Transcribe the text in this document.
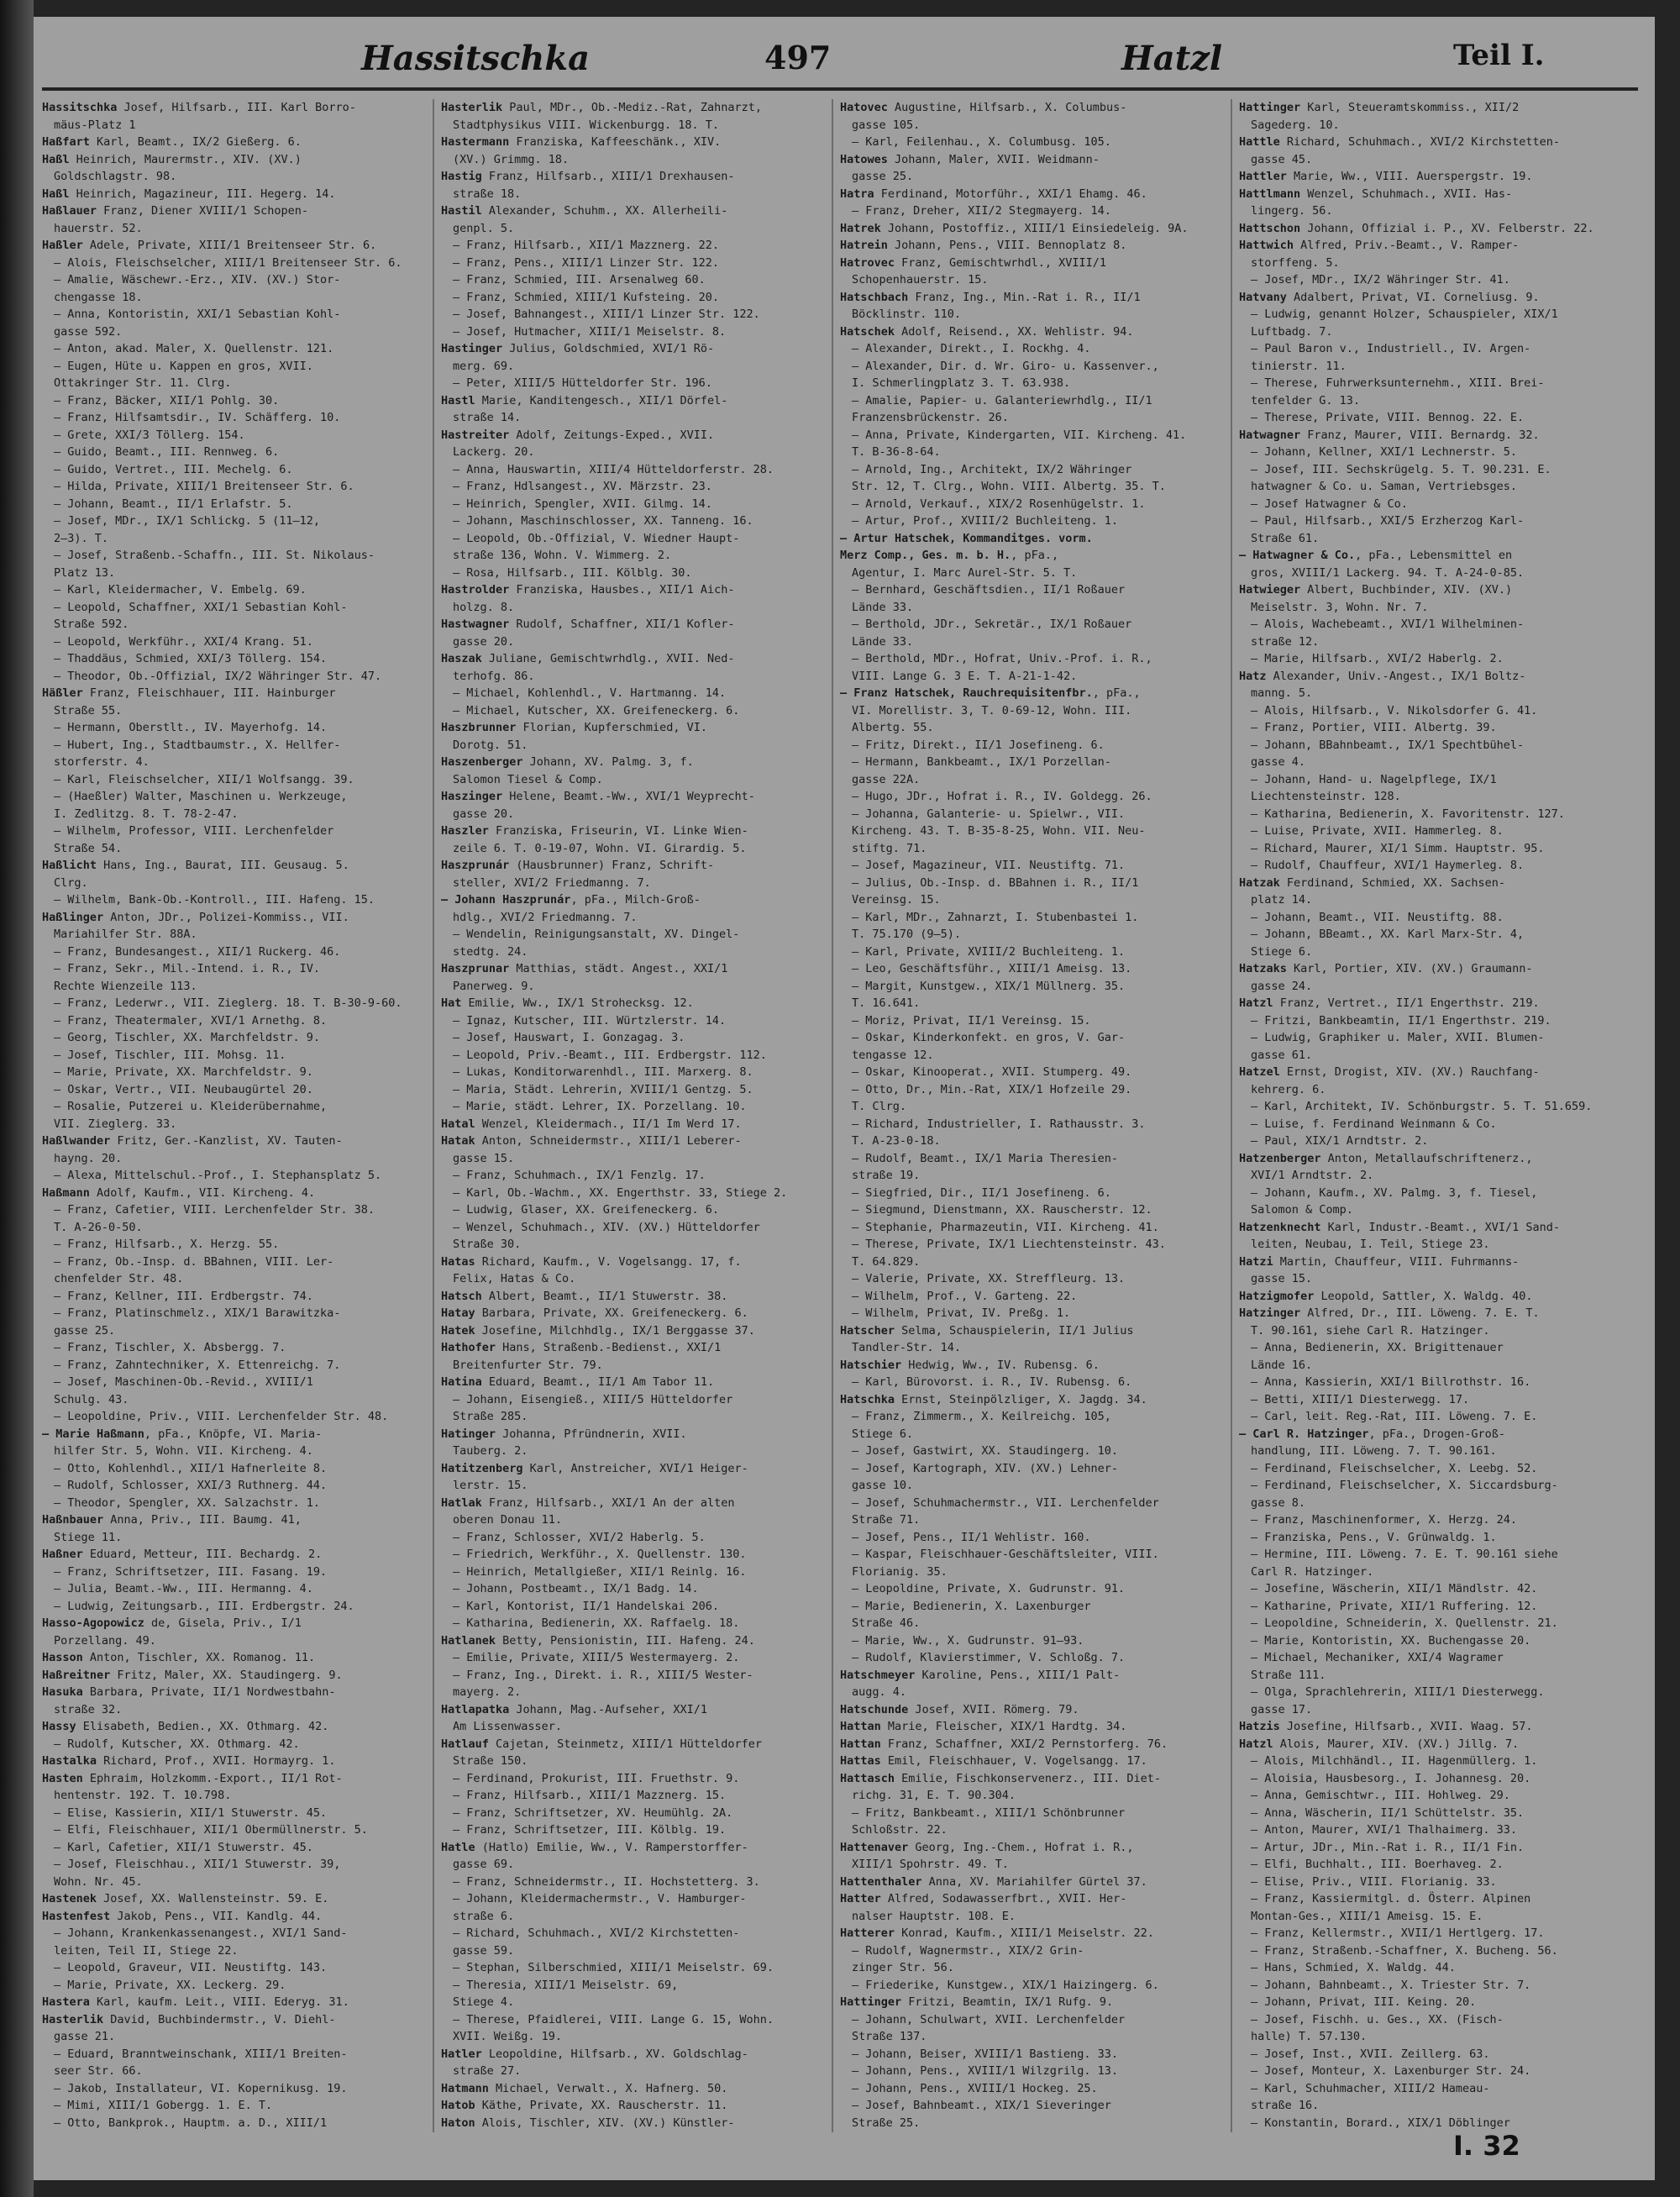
Hassitschka	497	Hatzl	Teil I.
Hassitschka Josef, Hilfsarb., III. Karl Borro-
mäus-Platz 1
Haßfart Karl, Beamt., IX/2 Gießerg. 6.
Haßl Heinrich, Maurermstr., XIV. (XV.)
Goldschlagstr. 98.
Haßl Heinrich, Magazineur, III. Hegerg. 14.
Haßlauer Franz, Diener XVIII/1 Schopen-
hauerstr. 52.
Haßler Adele, Private, XIII/1 Breitenseer Str. 6.
— Alois, Fleischselcher, XIII/1 Breitenseer Str. 6.
— Amalie, Wäschewr.-Erz., XIV. (XV.) Stor-
chengasse 18.
— Anna, Kontoristin, XXI/1 Sebastian Kohl-
gasse 592.
— Anton, akad. Maler, X. Quellenstr. 121.
— Eugen, Hüte u. Kappen en gros, XVII.
Ottakringer Str. 11. Clrg.
— Franz, Bäcker, XII/1 Pohlg. 30.
— Franz, Hilfsamtsdir., IV. Schäfferg. 10.
— Grete, XXI/3 Töllerg. 154.
— Guido, Beamt., III. Rennweg. 6.
— Guido, Vertret., III. Mechelg. 6.
— Hilda, Private, XIII/1 Breitenseer Str. 6.
— Johann, Beamt., II/1 Erlafstr. 5.
— Josef, MDr., IX/1 Schlickg. 5 (11—12,
2—3). T.
— Josef, Straßenb.-Schaffn., III. St. Nikolaus-
Platz 13.
— Karl, Kleidermacher, V. Embelg. 69.
— Leopold, Schaffner, XXI/1 Sebastian Kohl-
Straße 592.
— Leopold, Werkführ., XXI/4 Krang. 51.
— Thaddäus, Schmied, XXI/3 Töllerg. 154.
— Theodor, Ob.-Offizial, IX/2 Währinger Str. 47.
Häßler Franz, Fleischhauer, III. Hainburger
Straße 55.
— Hermann, Oberstlt., IV. Mayerhofg. 14.
— Hubert, Ing., Stadtbaumstr., X. Hellfer-
storferstr. 4.
— Karl, Fleischselcher, XII/1 Wolfsangg. 39.
— (Haeßler) Walter, Maschinen u. Werkzeuge,
I. Zedlitzg. 8. T. 78-2-47.
— Wilhelm, Professor, VIII. Lerchenfelder
Straße 54.
Haßlicht Hans, Ing., Baurat, III. Geusaug. 5.
Clrg.
— Wilhelm, Bank-Ob.-Kontroll., III. Hafeng. 15.
Haßlinger Anton, JDr., Polizei-Kommiss., VII.
Mariahilfer Str. 88A.
— Franz, Bundesangest., XII/1 Ruckerg. 46.
— Franz, Sekr., Mil.-Intend. i. R., IV.
Rechte Wienzeile 113.
— Franz, Lederwr., VII. Zieglerg. 18. T. B-30-9-60.
— Franz, Theatermaler, XVI/1 Arnethg. 8.
— Georg, Tischler, XX. Marchfeldstr. 9.
— Josef, Tischler, III. Mohsg. 11.
— Marie, Private, XX. Marchfeldstr. 9.
— Oskar, Vertr., VII. Neubaugürtel 20.
— Rosalie, Putzerei u. Kleiderübernahme,
VII. Zieglerg. 33.
Haßlwander Fritz, Ger.-Kanzlist, XV. Tauten-
hayng. 20.
— Alexa, Mittelschul.-Prof., I. Stephansplatz 5.
Haßmann Adolf, Kaufm., VII. Kircheng. 4.
— Franz, Cafetier, VIII. Lerchenfelder Str. 38.
T. A-26-0-50.
— Franz, Hilfsarb., X. Herzg. 55.
— Franz, Ob.-Insp. d. BBahnen, VIII. Ler-
chenfelder Str. 48.
— Franz, Kellner, III. Erdbergstr. 74.
— Franz, Platinschmelz., XIX/1 Barawitzka-
gasse 25.
— Franz, Tischler, X. Absbergg. 7.
— Franz, Zahntechniker, X. Ettenreichg. 7.
— Josef, Maschinen-Ob.-Revid., XVIII/1
Schulg. 43.
— Leopoldine, Priv., VIII. Lerchenfelder Str. 48.
— Marie Haßmann, pFa., Knöpfe, VI. Maria-
hilfer Str. 5, Wohn. VII. Kircheng. 4.
— Otto, Kohlenhdl., XII/1 Hafnerleite 8.
— Rudolf, Schlosser, XXI/3 Ruthnerg. 44.
— Theodor, Spengler, XX. Salzachstr. 1.
Haßnbauer Anna, Priv., III. Baumg. 41,
Stiege 11.
Haßner Eduard, Metteur, III. Bechardg. 2.
— Franz, Schriftsetzer, III. Fasang. 19.
— Julia, Beamt.-Ww., III. Hermanng. 4.
— Ludwig, Zeitungsarb., III. Erdbergstr. 24.
Hasso-Agopowicz de, Gisela, Priv., I/1
Porzellang. 49.
Hasson Anton, Tischler, XX. Romanog. 11.
Haßreitner Fritz, Maler, XX. Staudingerg. 9.
Hasuka Barbara, Private, II/1 Nordwestbahn-
straße 32.
Hassy Elisabeth, Bedien., XX. Othmarg. 42.
— Rudolf, Kutscher, XX. Othmarg. 42.
Hastalka Richard, Prof., XVII. Hormayrg. 1.
Hasten Ephraim, Holzkomm.-Export., II/1 Rot-
hentenstr. 192. T. 10.798.
— Elise, Kassierin, XII/1 Stuwerstr. 45.
— Elfi, Fleischhauer, XII/1 Obermüllnerstr. 5.
— Karl, Cafetier, XII/1 Stuwerstr. 45.
— Josef, Fleischhau., XII/1 Stuwerstr. 39,
Wohn. Nr. 45.
Hastenek Josef, XX. Wallensteinstr. 59. E.
Hastenfest Jakob, Pens., VII. Kandlg. 44.
— Johann, Krankenkassenangest., XVI/1 Sand-
leiten, Teil II, Stiege 22.
— Leopold, Graveur, VII. Neustiftg. 143.
— Marie, Private, XX. Leckerg. 29.
Hastera Karl, kaufm. Leit., VIII. Ederyg. 31.
Hasterlik David, Buchbindermstr., V. Diehl-
gasse 21.
— Eduard, Branntweinschank, XIII/1 Breiten-
seer Str. 66.
— Jakob, Installateur, VI. Kopernikusg. 19.
— Mimi, XIII/1 Gobergg. 1. E. T.
— Otto, Bankprok., Hauptm. a. D., XIII/1
Hasterlik Paul, MDr., Ob.-Mediz.-Rat, Zahnarzt,
Stadtphysikus VIII. Wickenburgg. 18. T.
Hastermann Franziska, Kaffeeschänk., XIV.
(XV.) Grimmg. 18.
Hastig Franz, Hilfsarb., XIII/1 Drexhausen-
straße 18.
Hastil Alexander, Schuhm., XX. Allerheili-
genpl. 5.
— Franz, Hilfsarb., XII/1 Mazznerg. 22.
— Franz, Pens., XIII/1 Linzer Str. 122.
— Franz, Schmied, III. Arsenalweg 60.
— Franz, Schmied, XIII/1 Kufsteing. 20.
— Josef, Bahnangest., XIII/1 Linzer Str. 122.
— Josef, Hutmacher, XIII/1 Meiselstr. 8.
Hastinger Julius, Goldschmied, XVI/1 Rö-
merg. 69.
— Peter, XIII/5 Hütteldorfer Str. 196.
Hastl Marie, Kanditengesch., XII/1 Dörfel-
straße 14.
Hastreiter Adolf, Zeitungs-Exped., XVII.
Lackerg. 20.
— Anna, Hauswartin, XIII/4 Hütteldorferstr. 28.
— Franz, Hdlsangest., XV. Märzstr. 23.
— Heinrich, Spengler, XVII. Gilmg. 14.
— Johann, Maschinschlosser, XX. Tanneng. 16.
— Leopold, Ob.-Offizial, V. Wiedner Haupt-
straße 136, Wohn. V. Wimmerg. 2.
— Rosa, Hilfsarb., III. Kölblg. 30.
Hastrolder Franziska, Hausbes., XII/1 Aich-
holzg. 8.
Hastwagner Rudolf, Schaffner, XII/1 Kofler-
gasse 20.
Haszak Juliane, Gemischtwrhdlg., XVII. Ned-
terhofg. 86.
— Michael, Kohlenhdl., V. Hartmanng. 14.
— Michael, Kutscher, XX. Greifeneckerg. 6.
Haszbrunner Florian, Kupferschmied, VI.
Dorotg. 51.
Haszenberger Johann, XV. Palmg. 3, f.
Salomon Tiesel & Comp.
Haszinger Helene, Beamt.-Ww., XVI/1 Weyprecht-
gasse 20.
Haszler Franziska, Friseurin, VI. Linke Wien-
zeile 6. T. 0-19-07, Wohn. VI. Girardig. 5.
Haszprunár (Hausbrunner) Franz, Schrift-
steller, XVI/2 Friedmanng. 7.
— Johann Haszprunár, pFa., Milch-Groß-
hdlg., XVI/2 Friedmanng. 7.
— Wendelin, Reinigungsanstalt, XV. Dingel-
stedtg. 24.
Haszprunar Matthias, städt. Angest., XXI/1
Panerweg. 9.
Hat Emilie, Ww., IX/1 Strohecksg. 12.
— Ignaz, Kutscher, III. Würtzlerstr. 14.
— Josef, Hauswart, I. Gonzagag. 3.
— Leopold, Priv.-Beamt., III. Erdbergstr. 112.
— Lukas, Konditorwarenhdl., III. Marxerg. 8.
— Maria, Städt. Lehrerin, XVIII/1 Gentzg. 5.
— Marie, städt. Lehrer, IX. Porzellang. 10.
Hatal Wenzel, Kleidermach., II/1 Im Werd 17.
Hatak Anton, Schneidermstr., XIII/1 Leberer-
gasse 15.
— Franz, Schuhmach., IX/1 Fenzlg. 17.
— Karl, Ob.-Wachm., XX. Engerthstr. 33, Stiege 2.
— Ludwig, Glaser, XX. Greifeneckerg. 6.
— Wenzel, Schuhmach., XIV. (XV.) Hütteldorfer
Straße 30.
Hatas Richard, Kaufm., V. Vogelsangg. 17, f.
Felix, Hatas & Co.
Hatsch Albert, Beamt., II/1 Stuwerstr. 38.
Hatay Barbara, Private, XX. Greifeneckerg. 6.
Hatek Josefine, Milchhdlg., IX/1 Berggasse 37.
Hathofer Hans, Straßenb.-Bedienst., XXI/1
Breitenfurter Str. 79.
Hatina Eduard, Beamt., II/1 Am Tabor 11.
— Johann, Eisengieß., XIII/5 Hütteldorfer
Straße 285.
Hatinger Johanna, Pfründnerin, XVII.
Tauberg. 2.
Hatitzenberg Karl, Anstreicher, XVI/1 Heiger-
lerstr. 15.
Hatlak Franz, Hilfsarb., XXI/1 An der alten
oberen Donau 11.
— Franz, Schlosser, XVI/2 Haberlg. 5.
— Friedrich, Werkführ., X. Quellenstr. 130.
— Heinrich, Metallgießer, XII/1 Reinlg. 16.
— Johann, Postbeamt., IX/1 Badg. 14.
— Karl, Kontorist, II/1 Handelskai 206.
— Katharina, Bedienerin, XX. Raffaelg. 18.
Hatlanek Betty, Pensionistin, III. Hafeng. 24.
— Emilie, Private, XIII/5 Westermayerg. 2.
— Franz, Ing., Direkt. i. R., XIII/5 Wester-
mayerg. 2.
Hatlapatka Johann, Mag.-Aufseher, XXI/1
Am Lissenwasser.
Hatlauf Cajetan, Steinmetz, XIII/1 Hütteldorfer
Straße 150.
— Ferdinand, Prokurist, III. Fruethstr. 9.
— Franz, Hilfsarb., XIII/1 Mazznerg. 15.
— Franz, Schriftsetzer, XV. Heumühlg. 2A.
— Franz, Schriftsetzer, III. Kölblg. 19.
Hatle (Hatlo) Emilie, Ww., V. Ramperstorffer-
gasse 69.
— Franz, Schneidermstr., II. Hochstetterg. 3.
— Johann, Kleidermachermstr., V. Hamburger-
straße 6.
— Richard, Schuhmach., XVI/2 Kirchstetten-
gasse 59.
— Stephan, Silberschmied, XIII/1 Meiselstr. 69.
— Theresia, XIII/1 Meiselstr. 69,
Stiege 4.
— Therese, Pfaidlerei, VIII. Lange G. 15, Wohn.
XVII. Weißg. 19.
Hatler Leopoldine, Hilfsarb., XV. Goldschlag-
straße 27.
Hatmann Michael, Verwalt., X. Hafnerg. 50.
Hatob Käthe, Private, XX. Rauscherstr. 11.
Haton Alois, Tischler, XIV. (XV.) Künstler-
Hatovec Augustine, Hilfsarb., X. Columbus-
gasse 105.
— Karl, Feilenhau., X. Columbusg. 105.
Hatowes Johann, Maler, XVII. Weidmann-
gasse 25.
Hatra Ferdinand, Motorführ., XXI/1 Ehamg. 46.
— Franz, Dreher, XII/2 Stegmayerg. 14.
Hatrek Johann, Postoffiz., XIII/1 Einsiedeleig. 9A.
Hatrein Johann, Pens., VIII. Bennoplatz 8.
Hatrovec Franz, Gemischtwrhdl., XVIII/1
Schopenhauerstr. 15.
Hatschbach Franz, Ing., Min.-Rat i. R., II/1
Böcklinstr. 110.
Hatschek Adolf, Reisend., XX. Wehlistr. 94.
— Alexander, Direkt., I. Rockhg. 4.
— Alexander, Dir. d. Wr. Giro- u. Kassenver.,
I. Schmerlingplatz 3. T. 63.938.
— Amalie, Papier- u. Galanteriewrhdlg., II/1
Franzensbrückenstr. 26.
— Anna, Private, Kindergarten, VII. Kircheng. 41.
T. B-36-8-64.
— Arnold, Ing., Architekt, IX/2 Währinger
Str. 12, T. Clrg., Wohn. VIII. Albertg. 35. T.
— Arnold, Verkauf., XIX/2 Rosenhügelstr. 1.
— Artur, Prof., XVIII/2 Buchleiteng. 1.
— Artur Hatschek, Kommanditges. vorm.
Merz Comp., Ges. m. b. H., pFa.,
Agentur, I. Marc Aurel-Str. 5. T.
— Bernhard, Geschäftsdien., II/1 Roßauer
Lände 33.
— Berthold, JDr., Sekretär., IX/1 Roßauer
Lände 33.
— Berthold, MDr., Hofrat, Univ.-Prof. i. R.,
VIII. Lange G. 3 E. T. A-21-1-42.
— Franz Hatschek, Rauchrequisitenfbr., pFa.,
VI. Morellistr. 3, T. 0-69-12, Wohn. III.
Albertg. 55.
— Fritz, Direkt., II/1 Josefineng. 6.
— Hermann, Bankbeamt., IX/1 Porzellan-
gasse 22A.
— Hugo, JDr., Hofrat i. R., IV. Goldegg. 26.
— Johanna, Galanterie- u. Spielwr., VII.
Kircheng. 43. T. B-35-8-25, Wohn. VII. Neu-
stiftg. 71.
— Josef, Magazineur, VII. Neustiftg. 71.
— Julius, Ob.-Insp. d. BBahnen i. R., II/1
Vereinsg. 15.
— Karl, MDr., Zahnarzt, I. Stubenbastei 1.
T. 75.170 (9—5).
— Karl, Private, XVIII/2 Buchleiteng. 1.
— Leo, Geschäftsführ., XIII/1 Ameisg. 13.
— Margit, Kunstgew., XIX/1 Müllnerg. 35.
T. 16.641.
— Moriz, Privat, II/1 Vereinsg. 15.
— Oskar, Kinderkonfekt. en gros, V. Gar-
tengasse 12.
— Oskar, Kinooperat., XVII. Stumperg. 49.
— Otto, Dr., Min.-Rat, XIX/1 Hofzeile 29.
T. Clrg.
— Richard, Industrieller, I. Rathausstr. 3.
T. A-23-0-18.
— Rudolf, Beamt., IX/1 Maria Theresien-
straße 19.
— Siegfried, Dir., II/1 Josefineng. 6.
— Siegmund, Dienstmann, XX. Rauscherstr. 12.
— Stephanie, Pharmazeutin, VII. Kircheng. 41.
— Therese, Private, IX/1 Liechtensteinstr. 43.
T. 64.829.
— Valerie, Private, XX. Streffleurg. 13.
— Wilhelm, Prof., V. Garteng. 22.
— Wilhelm, Privat, IV. Preßg. 1.
Hatscher Selma, Schauspielerin, II/1 Julius
Tandler-Str. 14.
Hatschier Hedwig, Ww., IV. Rubensg. 6.
— Karl, Bürovorst. i. R., IV. Rubensg. 6.
Hatschka Ernst, Steinpölzliger, X. Jagdg. 34.
— Franz, Zimmerm., X. Keilreichg. 105,
Stiege 6.
— Josef, Gastwirt, XX. Staudingerg. 10.
— Josef, Kartograph, XIV. (XV.) Lehner-
gasse 10.
— Josef, Schuhmachermstr., VII. Lerchenfelder
Straße 71.
— Josef, Pens., II/1 Wehlistr. 160.
— Kaspar, Fleischhauer-Geschäftsleiter, VIII.
Florianig. 35.
— Leopoldine, Private, X. Gudrunstr. 91.
— Marie, Bedienerin, X. Laxenburger
Straße 46.
— Marie, Ww., X. Gudrunstr. 91—93.
— Rudolf, Klavierstimmer, V. Schloßg. 7.
Hatschmeyer Karoline, Pens., XIII/1 Palt-
augg. 4.
Hatschunde Josef, XVII. Römerg. 79.
Hattan Marie, Fleischer, XIX/1 Hardtg. 34.
Hattan Franz, Schaffner, XXI/2 Pernstorferg. 76.
Hattas Emil, Fleischhauer, V. Vogelsangg. 17.
Hattasch Emilie, Fischkonservenerz., III. Diet-
richg. 31, E. T. 90.304.
— Fritz, Bankbeamt., XIII/1 Schönbrunner
Schloßstr. 22.
Hattenaver Georg, Ing.-Chem., Hofrat i. R.,
XIII/1 Spohrstr. 49. T.
Hattenthaler Anna, XV. Mariahilfer Gürtel 37.
Hatter Alfred, Sodawasserfbrt., XVII. Her-
nalser Hauptstr. 108. E.
Hatterer Konrad, Kaufm., XIII/1 Meiselstr. 22.
— Rudolf, Wagnermstr., XIX/2 Grin-
zinger Str. 56.
— Friederike, Kunstgew., XIX/1 Haizingerg. 6.
Hattinger Fritzi, Beamtin, IX/1 Rufg. 9.
— Johann, Schulwart, XVII. Lerchenfelder
Straße 137.
— Johann, Beiser, XVIII/1 Bastieng. 33.
— Johann, Pens., XVIII/1 Wilzgrilg. 13.
— Johann, Pens., XVIII/1 Hockeg. 25.
— Josef, Bahnbeamt., XIX/1 Sieveringer
Straße 25.
Hattinger Karl, Steueramtskommiss., XII/2
Sagederg. 10.
Hattle Richard, Schuhmach., XVI/2 Kirchstetten-
gasse 45.
Hattler Marie, Ww., VIII. Auerspergstr. 19.
Hattlmann Wenzel, Schuhmach., XVII. Has-
lingerg. 56.
Hattschon Johann, Offizial i. P., XV. Felberstr. 22.
Hattwich Alfred, Priv.-Beamt., V. Ramper-
storffeng. 5.
— Josef, MDr., IX/2 Währinger Str. 41.
Hatvany Adalbert, Privat, VI. Corneliusg. 9.
— Ludwig, genannt Holzer, Schauspieler, XIX/1
Luftbadg. 7.
— Paul Baron v., Industriell., IV. Argen-
tinierstr. 11.
— Therese, Fuhrwerksunternehm., XIII. Brei-
tenfelder G. 13.
— Therese, Private, VIII. Bennog. 22. E.
Hatwagner Franz, Maurer, VIII. Bernardg. 32.
— Johann, Kellner, XXI/1 Lechnerstr. 5.
— Josef, III. Sechskrügelg. 5. T. 90.231. E.
hatwagner & Co. u. Saman, Vertriebsges.
— Josef Hatwagner & Co.
— Paul, Hilfsarb., XXI/5 Erzherzog Karl-
Straße 61.
— Hatwagner & Co., pFa., Lebensmittel en
gros, XVIII/1 Lackerg. 94. T. A-24-0-85.
Hatwieger Albert, Buchbinder, XIV. (XV.)
Meiselstr. 3, Wohn. Nr. 7.
— Alois, Wachebeamt., XVI/1 Wilhelminen-
straße 12.
— Marie, Hilfsarb., XVI/2 Haberlg. 2.
Hatz Alexander, Univ.-Angest., IX/1 Boltz-
manng. 5.
— Alois, Hilfsarb., V. Nikolsdorfer G. 41.
— Franz, Portier, VIII. Albertg. 39.
— Johann, BBahnbeamt., IX/1 Spechtbühel-
gasse 4.
— Johann, Hand- u. Nagelpflege, IX/1
Liechtensteinstr. 128.
— Katharina, Bedienerin, X. Favoritenstr. 127.
— Luise, Private, XVII. Hammerleg. 8.
— Richard, Maurer, XI/1 Simm. Hauptstr. 95.
— Rudolf, Chauffeur, XVI/1 Haymerleg. 8.
Hatzak Ferdinand, Schmied, XX. Sachsen-
platz 14.
— Johann, Beamt., VII. Neustiftg. 88.
— Johann, BBeamt., XX. Karl Marx-Str. 4,
Stiege 6.
Hatzaks Karl, Portier, XIV. (XV.) Graumann-
gasse 24.
Hatzl Franz, Vertret., II/1 Engerthstr. 219.
— Fritzi, Bankbeamtin, II/1 Engerthstr. 219.
— Ludwig, Graphiker u. Maler, XVII. Blumen-
gasse 61.
Hatzel Ernst, Drogist, XIV. (XV.) Rauchfang-
kehrerg. 6.
— Karl, Architekt, IV. Schönburgstr. 5. T. 51.659.
— Luise, f. Ferdinand Weinmann & Co.
— Paul, XIX/1 Arndtstr. 2.
Hatzenberger Anton, Metallaufschriftenerz.,
XVI/1 Arndtstr. 2.
— Johann, Kaufm., XV. Palmg. 3, f. Tiesel,
Salomon & Comp.
Hatzenknecht Karl, Industr.-Beamt., XVI/1 Sand-
leiten, Neubau, I. Teil, Stiege 23.
Hatzi Martin, Chauffeur, VIII. Fuhrmanns-
gasse 15.
Hatzigmofer Leopold, Sattler, X. Waldg. 40.
Hatzinger Alfred, Dr., III. Löweng. 7. E. T.
T. 90.161, siehe Carl R. Hatzinger.
— Anna, Bedienerin, XX. Brigittenauer
Lände 16.
— Anna, Kassierin, XXI/1 Billrothstr. 16.
— Betti, XIII/1 Diesterwegg. 17.
— Carl, leit. Reg.-Rat, III. Löweng. 7. E.
— Carl R. Hatzinger, pFa., Drogen-Groß-
handlung, III. Löweng. 7. T. 90.161.
— Ferdinand, Fleischselcher, X. Leebg. 52.
— Ferdinand, Fleischselcher, X. Siccardsburg-
gasse 8.
— Franz, Maschinenformer, X. Herzg. 24.
— Franziska, Pens., V. Grünwaldg. 1.
— Hermine, III. Löweng. 7. E. T. 90.161 siehe
Carl R. Hatzinger.
— Josefine, Wäscherin, XII/1 Mändlstr. 42.
— Katharine, Private, XII/1 Ruffering. 12.
— Leopoldine, Schneiderin, X. Quellenstr. 21.
— Marie, Kontoristin, XX. Buchengasse 20.
— Michael, Mechaniker, XXI/4 Wagramer
Straße 111.
— Olga, Sprachlehrerin, XIII/1 Diesterwegg.
gasse 17.
Hatzis Josefine, Hilfsarb., XVII. Waag. 57.
Hatzl Alois, Maurer, XIV. (XV.) Jillg. 7.
— Alois, Milchhändl., II. Hagenmüllerg. 1.
— Aloisia, Hausbesorg., I. Johannesg. 20.
— Anna, Gemischtwr., III. Hohlweg. 29.
— Anna, Wäscherin, II/1 Schüttelstr. 35.
— Anton, Maurer, XVI/1 Thalhaimerg. 33.
— Artur, JDr., Min.-Rat i. R., II/1 Fin.
— Elfi, Buchhalt., III. Boerhaveg. 2.
— Elise, Priv., VIII. Florianig. 33.
— Franz, Kassiermitgl. d. Österr. Alpinen
Montan-Ges., XIII/1 Ameisg. 15. E.
— Franz, Kellermstr., XVII/1 Hertlgerg. 17.
— Franz, Straßenb.-Schaffner, X. Bucheng. 56.
— Hans, Schmied, X. Waldg. 44.
— Johann, Bahnbeamt., X. Triester Str. 7.
— Johann, Privat, III. Keing. 20.
— Josef, Fischh. u. Ges., XX. (Fisch-
halle) T. 57.130.
— Josef, Inst., XVII. Zeillerg. 63.
— Josef, Monteur, X. Laxenburger Str. 24.
— Karl, Schuhmacher, XIII/2 Hameau-
straße 16.
— Konstantin, Borard., XIX/1 Döblinger
I. 32
